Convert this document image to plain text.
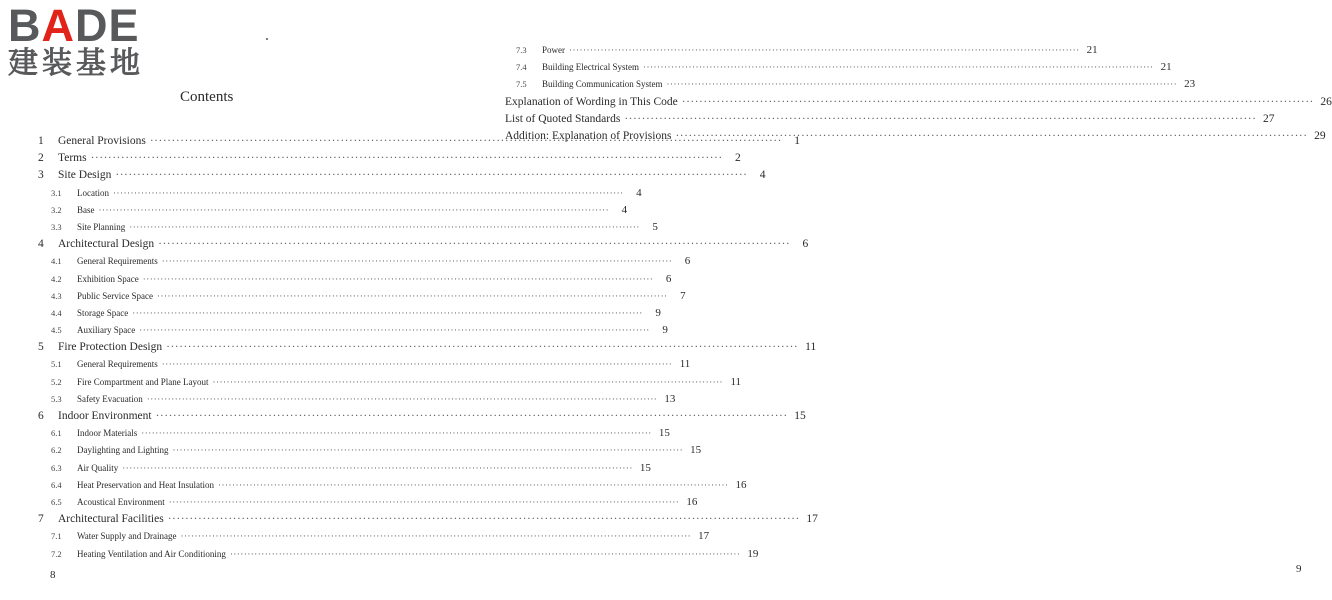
BADE
建装基地
Contents
1	General Provisions ·····	1
2	Terms ·····	2
3	Site Design ·····	4
3.1	Location ·····	4
3.2	Base ·····	4
3.3	Site Planning ·····	5
4	Architectural Design ·····	6
4.1	General Requirements ·····	6
4.2	Exhibition Space ·····	6
4.3	Public Service Space ·····	7
4.4	Storage Space ·····	9
4.5	Auxiliary Space ·····	9
5	Fire Protection Design ·····	11
5.1	General Requirements ·····	11
5.2	Fire Compartment and Plane Layout ·····	11
5.3	Safety Evacuation ·····	13
6	Indoor Environment ·····	15
6.1	Indoor Materials ·····	15
6.2	Daylighting and Lighting ·····	15
6.3	Air Quality ·····	15
6.4	Heat Preservation and Heat Insulation ·····	16
6.5	Acoustical Environment ·····	16
7	Architectural Facilities ·····	17
7.1	Water Supply and Drainage ·····	17
7.2	Heating Ventilation and Air Conditioning ·····	19
8
7.3	Power ·····	21
7.4	Building Electrical System ·····	21
7.5	Building Communication System ·····	23
Explanation of Wording in This Code ·····	26
List of Quoted Standards ·····	27
Addition: Explanation of Provisions ·····	29
9
